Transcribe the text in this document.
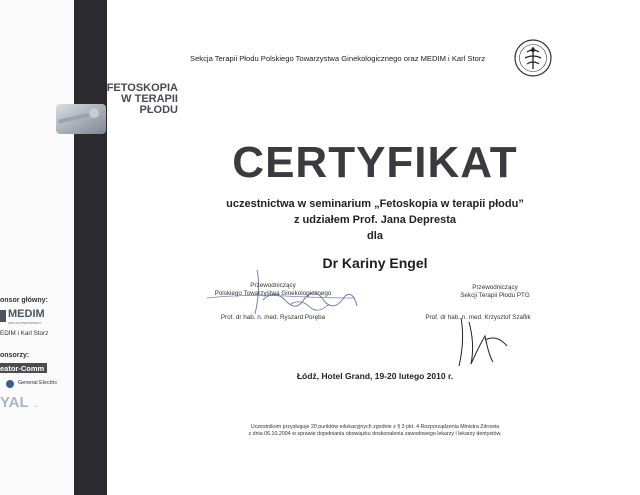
FETOSKOPIA
W TERAPII
PŁODU
Sekcja Terapii Płodu Polskiego Towarzystwa Ginekologicznego oraz MEDIM i Karl Storz
CERTYFIKAT
uczestnictwa w seminarium „Fetoskopia w terapii płodu”
z udziałem Prof. Jana Depresta
dla
Dr Kariny Engel
Przewodniczący
Polskiego Towarzystwa Ginekologicznego
Prof. dr hab. n. med. Ryszard Poręba
Przewodniczący
Sekcji Terapii Płodu PTG
Prof. dr hab. n. med. Krzysztof Szaflik
Łódź, Hotel Grand, 19-20 lutego 2010 r.
Uczestnikom przysługuje 20 punktów edukacyjnych zgodnie z § 3 pkt. 4 Rozporządzenia Ministra Zdrowia
z dnia 06.10.2004 w sprawie dopełniania obowiązku doskonalenia zawodowego lekarzy i lekarzy dentystów.
onsor główny:
MEDIM
SZTUKA WSPÓŁPRACY
EDIM i Karl Storz
onsorzy:
eator-Comm
General Electric
YAL s.c.
